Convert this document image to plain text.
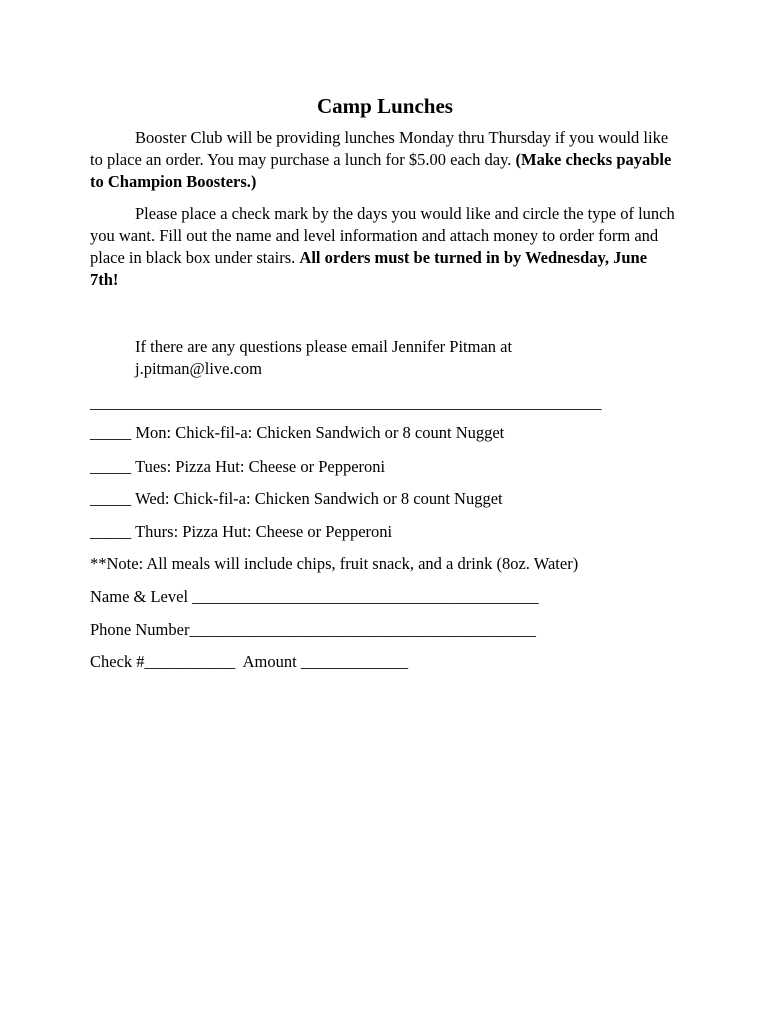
Camp Lunches
Booster Club will be providing lunches Monday thru Thursday if you would like to place an order. You may purchase a lunch for $5.00 each day. (Make checks payable to Champion Boosters.)
Please place a check mark by the days you would like and circle the type of lunch you want. Fill out the name and level information and attach money to order form and place in black box under stairs. All orders must be turned in by Wednesday, June 7th!
If there are any questions please email Jennifer Pitman at
j.pitman@live.com
______________________________________________________________
_____ Mon: Chick-fil-a: Chicken Sandwich or 8 count Nugget
_____ Tues: Pizza Hut: Cheese or Pepperoni
_____ Wed: Chick-fil-a: Chicken Sandwich or 8 count Nugget
_____ Thurs: Pizza Hut: Cheese or Pepperoni
**Note: All meals will include chips, fruit snack, and a drink (8oz. Water)
Name & Level __________________________________________
Phone Number__________________________________________
Check #___________  Amount _____________
